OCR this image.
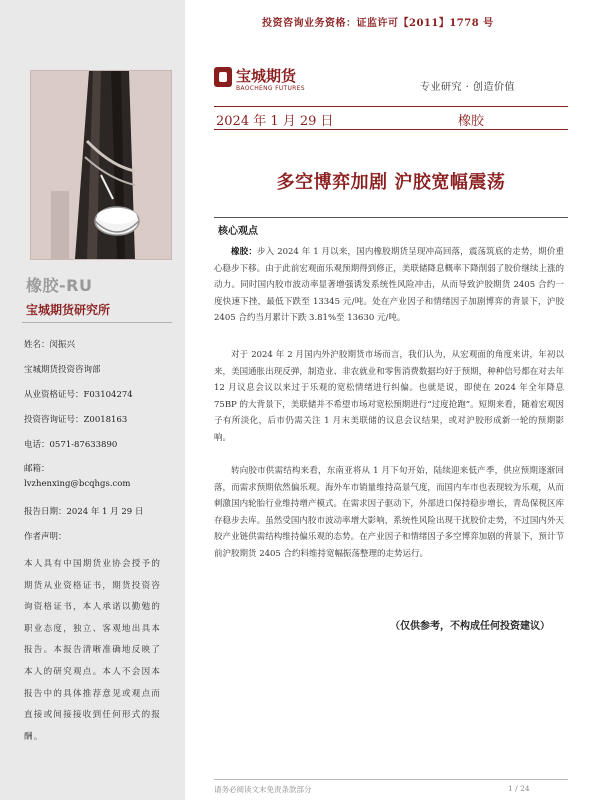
橡胶-RU
宝城期货研究所
姓名：闵振兴
宝城期货投资咨询部
从业资格证号：F03104274
投资咨询证号：Z0018163
电话：0571-87633890
邮箱：
lvzhenxing@bcqhgs.com
报告日期：2024 年 1 月 29 日
作者声明：

本人具有中国期货业协会授予的期货从业资格证书，期货投资咨询资格证书，本人承诺以勤勉的职业态度，独立、客观地出具本报告。本报告清晰准确地反映了本人的研究观点。本人不会因本报告中的具体推荐意见或观点而直接或间接接收到任何形式的报酬。

投资咨询业务资格：证监许可【2011】1778 号
宝城期货
BAOCHENG FUTURES	专业研究 · 创造价值
2024 年 1 月 29 日	橡胶
多空博弈加剧 沪胶宽幅震荡
核心观点

橡胶：步入 2024 年 1 月以来，国内橡胶期货呈现冲高回落，震荡筑底的走势，期价重心稳步下移。由于此前宏观面乐观预期得到修正，美联储降息概率下降削弱了胶价继续上涨的动力。同时国内胶市波动率显著增强诱发系统性风险冲击，从而导致沪胶期货 2405 合约一度快速下挫，最低下跌至 13345 元/吨。处在产业因子和情绪因子加剧博弈的背景下，沪胶 2405 合约当月累计下跌 3.81%至 13630 元/吨。

对于 2024 年 2 月国内外沪胶期货市场而言，我们认为，从宏观面的角度来讲，年初以来，美国通胀出现反弹，制造业、非农就业和零售消费数据均好于预期，种种信号都在对去年 12 月议息会议以来过于乐观的宽松情绪进行纠偏。也就是说，即使在 2024 年全年降息 75BP 的大背景下，美联储并不希望市场对宽松预期进行“过度抢跑”。短期来看，随着宏观因子有所淡化，后市仍需关注 1 月末美联储的议息会议结果，或对沪胶形成新一轮的预期影响。

转向胶市供需结构来看，东南亚将从 1 月下旬开始，陆续迎来低产季，供应预期逐渐回落，而需求预期依然偏乐观。海外车市销量维持高景气度，而国内车市也表现较为乐观，从而刺激国内轮胎行业维持增产模式。在需求因子驱动下，外部进口保持稳步增长，青岛保税区库存稳步去库。虽然受国内胶市波动率增大影响，系统性风险出现干扰胶价走势，不过国内外天胶产业链供需结构维持偏乐观的态势。在产业因子和情绪因子多空博弈加剧的背景下，预计节前沪胶期货 2405 合约料维持宽幅振荡整理的走势运行。

（仅供参考，不构成任何投资建议）
请务必阅读文末免责条款部分	1 / 24
